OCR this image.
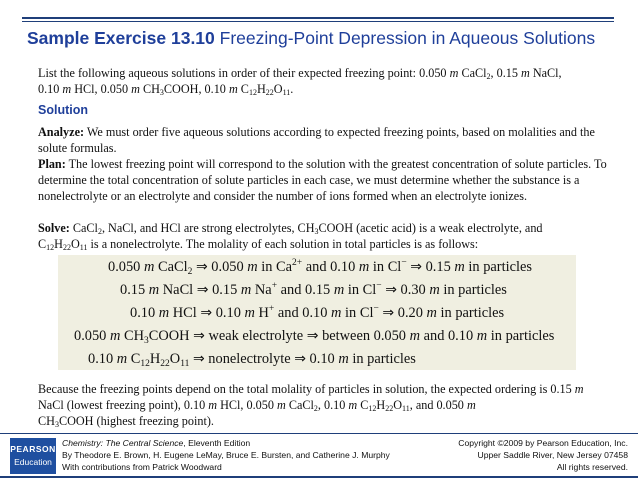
Sample Exercise 13.10 Freezing-Point Depression in Aqueous Solutions
List the following aqueous solutions in order of their expected freezing point: 0.050 m CaCl$_2$, 0.15 m NaCl,
0.10 m HCl, 0.050 m $CH_3COOH$, 0.10 m $C_{12}H_{22}O_{11}$.
Solution
Analyze: We must order five aqueous solutions according to expected freezing points, based on molalities and the solute formulas.
Plan: The lowest freezing point will correspond to the solution with the greatest concentration of solute particles. To determine the total concentration of solute particles in each case, we must determine whether the substance is a nonelectrolyte or an electrolyte and consider the number of ions formed when an electrolyte ionizes.
Solve: CaCl$_2$, NaCl, and HCl are strong electrolytes, $CH_3COOH$ (acetic acid) is a weak electrolyte, and
$C_{12}H_{22}O_{11}$ is a nonelectrolyte. The molality of each solution in total particles is as follows:
0.050 m CaCl$_2$ ⇒ 0.050 m in $Ca^{2+}$ and 0.10 m in Cl− ⇒ 0.15 m in particles
0.15 m NaCl ⇒ 0.15 m Na+ and 0.15 m in Cl− ⇒ 0.30 m in particles
0.10 m HCl ⇒ 0.10 m H+ and 0.10 m in Cl− ⇒ 0.20 m in particles
0.050 m $CH_3COOH$ ⇒ weak electrolyte ⇒ between 0.050 m and 0.10 m in particles
0.10 m $C_{12}H_{22}O_{11}$ ⇒ nonelectrolyte ⇒ 0.10 m in particles
Because the freezing points depend on the total molality of particles in solution, the expected ordering is 0.15 m NaCl (lowest freezing point), 0.10 m HCl, 0.050 m CaCl$_2$, 0.10 m $C_{12}H_{22}O_{11}$, and 0.050 m
$CH_3COOH$ (highest freezing point).
PEARSON
Education
Chemistry: The Central Science, Eleventh Edition
By Theodore E. Brown, H. Eugene LeMay, Bruce E. Bursten, and Catherine J. Murphy
With contributions from Patrick Woodward
Copyright ©2009 by Pearson Education, Inc.
Upper Saddle River, New Jersey 07458
All rights reserved.
